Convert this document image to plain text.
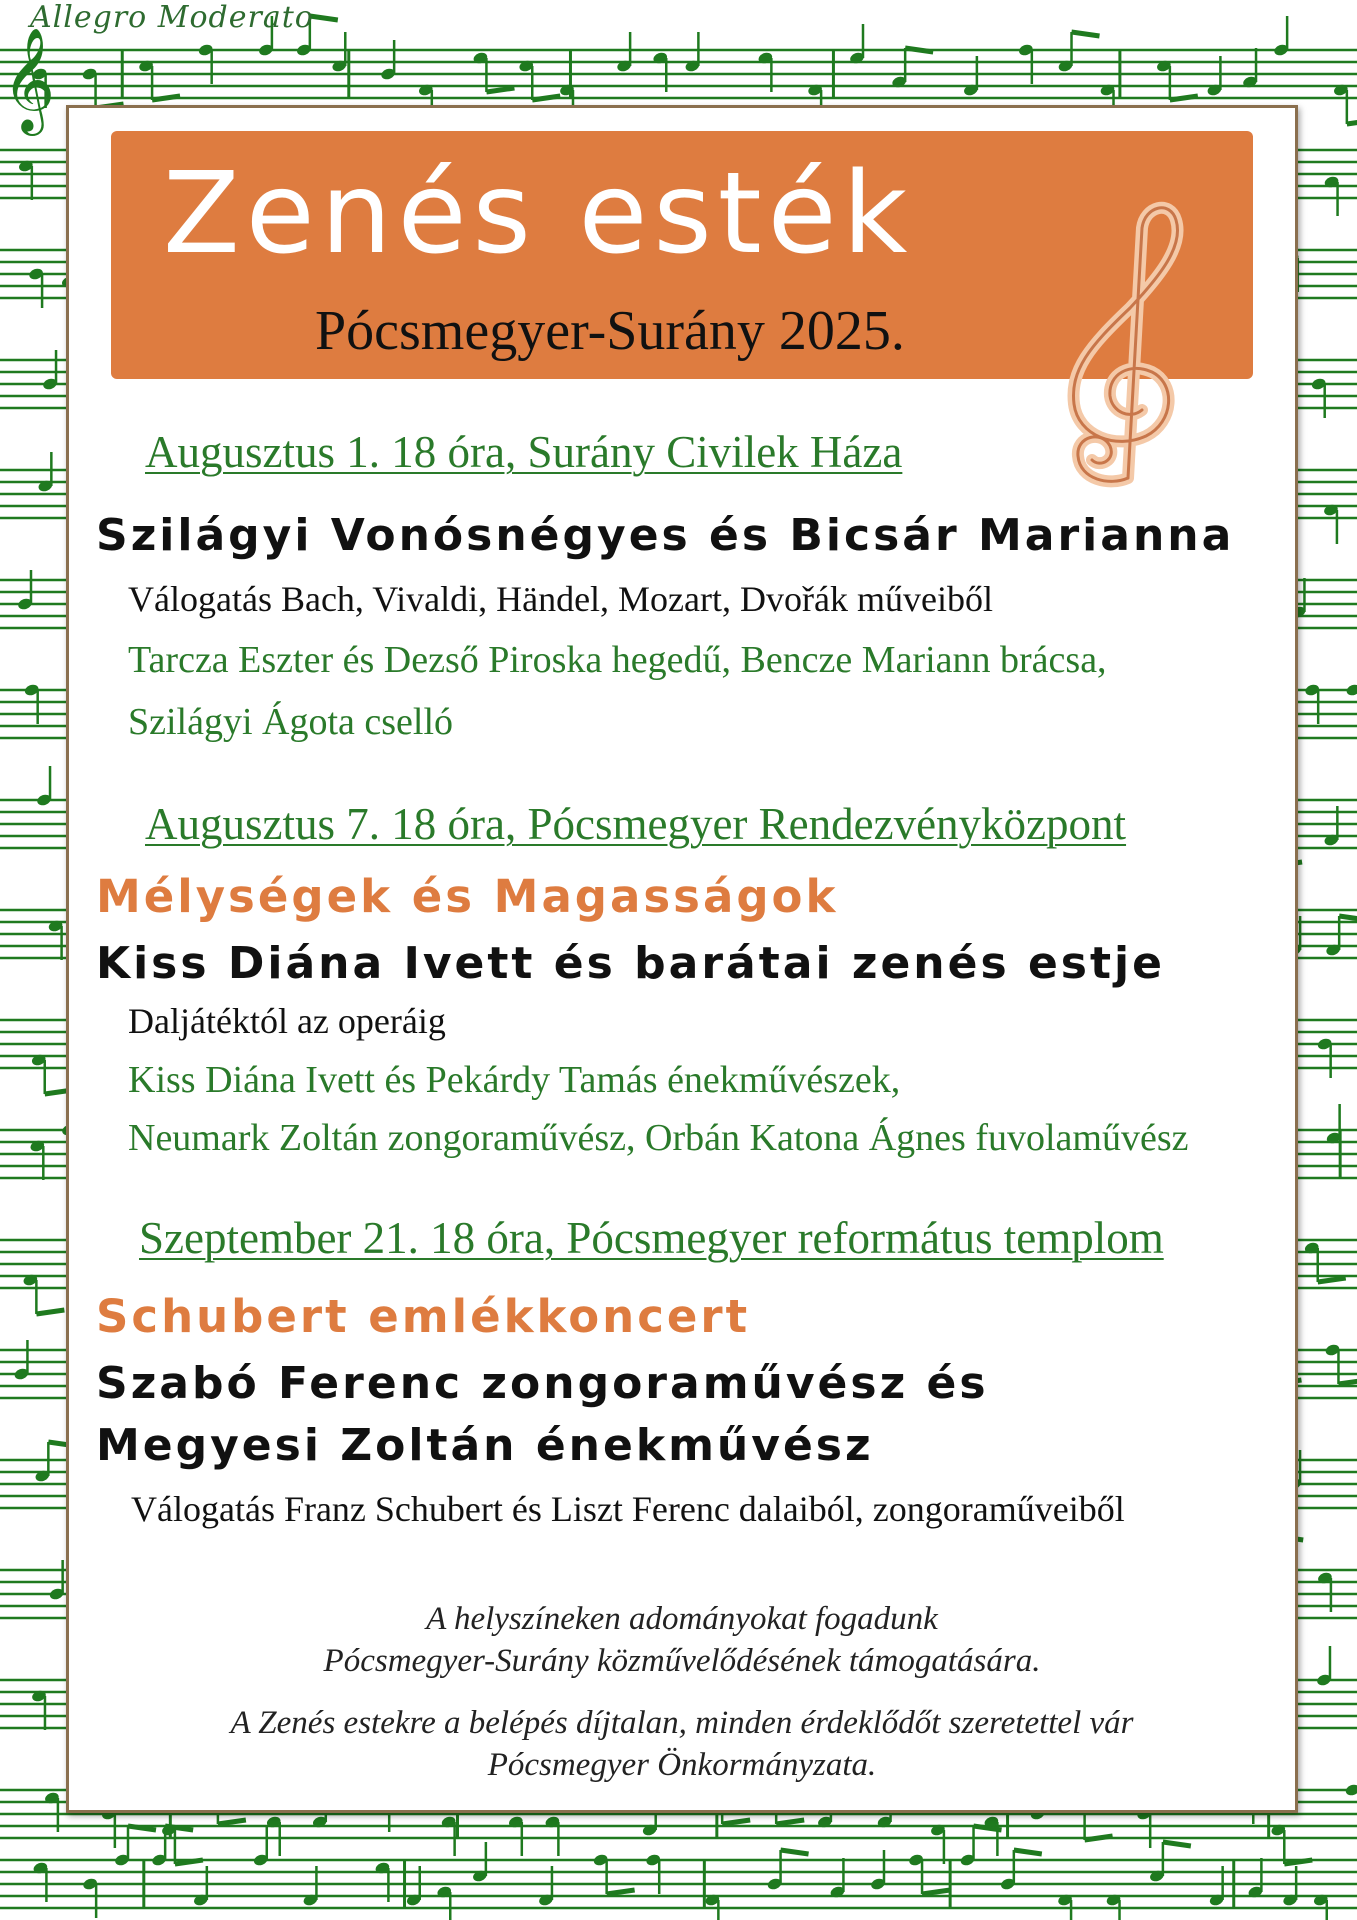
𝄞
Allegro Moderato
Zenés esték
Pócsmegyer-Surány 2025.
Augusztus 1. 18 óra, Surány Civilek Háza
Szilágyi Vonósnégyes és Bicsár Marianna
Válogatás Bach, Vivaldi, Händel, Mozart, Dvořák műveiből
Tarcza Eszter és Dezső Piroska hegedű, Bencze Mariann brácsa,
Szilágyi Ágota cselló
Augusztus 7. 18 óra, Pócsmegyer Rendezvényközpont
Mélységek és Magasságok
Kiss Diána Ivett és barátai zenés estje
Daljátéktól az operáig
Kiss Diána Ivett és Pekárdy Tamás énekművészek,
Neumark Zoltán zongoraművész, Orbán Katona Ágnes fuvolaművész
Szeptember 21. 18 óra, Pócsmegyer református templom
Schubert emlékkoncert
Szabó Ferenc zongoraművész és
Megyesi Zoltán énekművész
Válogatás Franz Schubert és Liszt Ferenc dalaiból, zongoraműveiből
A helyszíneken adományokat fogadunk
Pócsmegyer-Surány közművelődésének támogatására.
A Zenés estekre a belépés díjtalan, minden érdeklődőt szeretettel vár
Pócsmegyer Önkormányzata.
